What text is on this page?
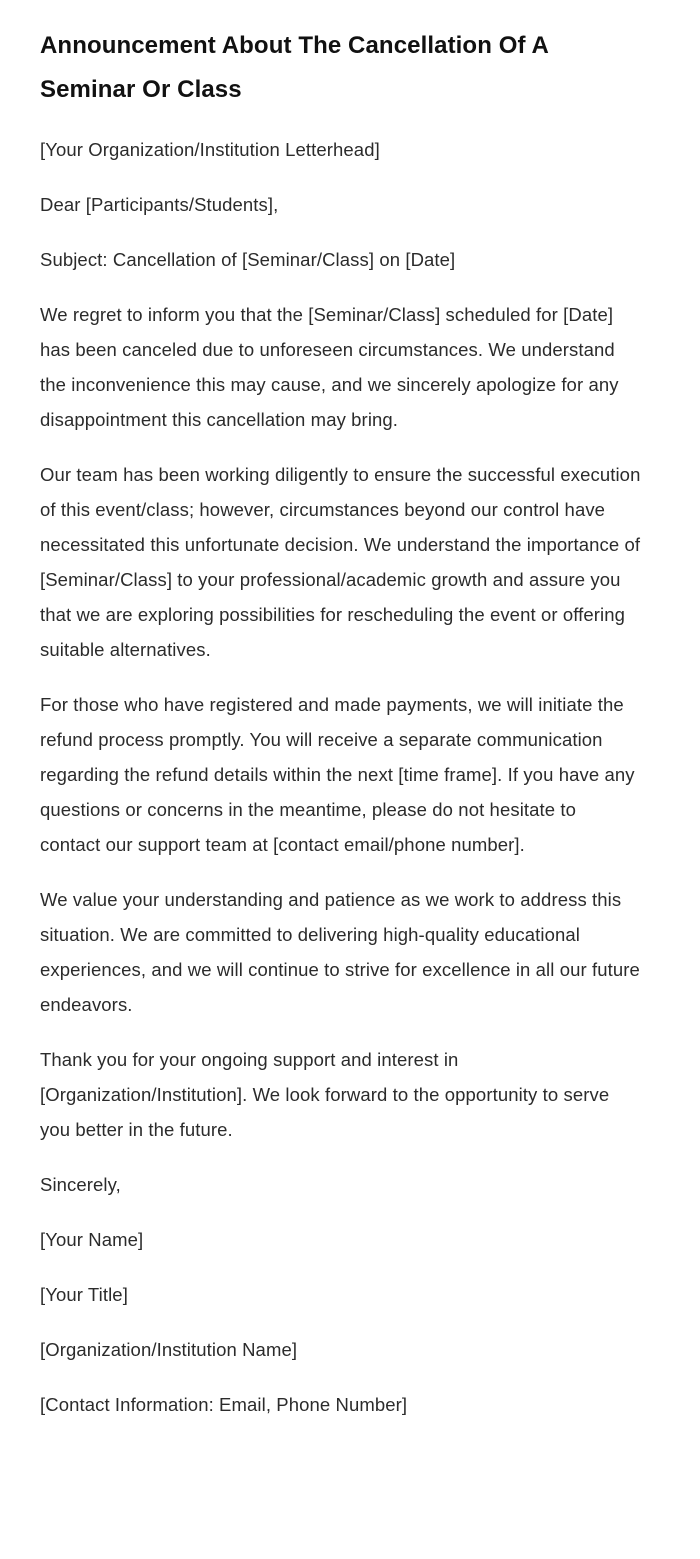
Announcement About The Cancellation Of A Seminar Or Class

[Your Organization/Institution Letterhead]

Dear [Participants/Students],

Subject: Cancellation of [Seminar/Class] on [Date]

We regret to inform you that the [Seminar/Class] scheduled for [Date] has been canceled due to unforeseen circumstances. We understand the inconvenience this may cause, and we sincerely apologize for any disappointment this cancellation may bring.

Our team has been working diligently to ensure the successful execution of this event/class; however, circumstances beyond our control have necessitated this unfortunate decision. We understand the importance of [Seminar/Class] to your professional/academic growth and assure you that we are exploring possibilities for rescheduling the event or offering suitable alternatives.

For those who have registered and made payments, we will initiate the refund process promptly. You will receive a separate communication regarding the refund details within the next [time frame]. If you have any questions or concerns in the meantime, please do not hesitate to contact our support team at [contact email/phone number].

We value your understanding and patience as we work to address this situation. We are committed to delivering high-quality educational experiences, and we will continue to strive for excellence in all our future endeavors.

Thank you for your ongoing support and interest in [Organization/Institution]. We look forward to the opportunity to serve you better in the future.

Sincerely,

[Your Name]

[Your Title]

[Organization/Institution Name]

[Contact Information: Email, Phone Number]
